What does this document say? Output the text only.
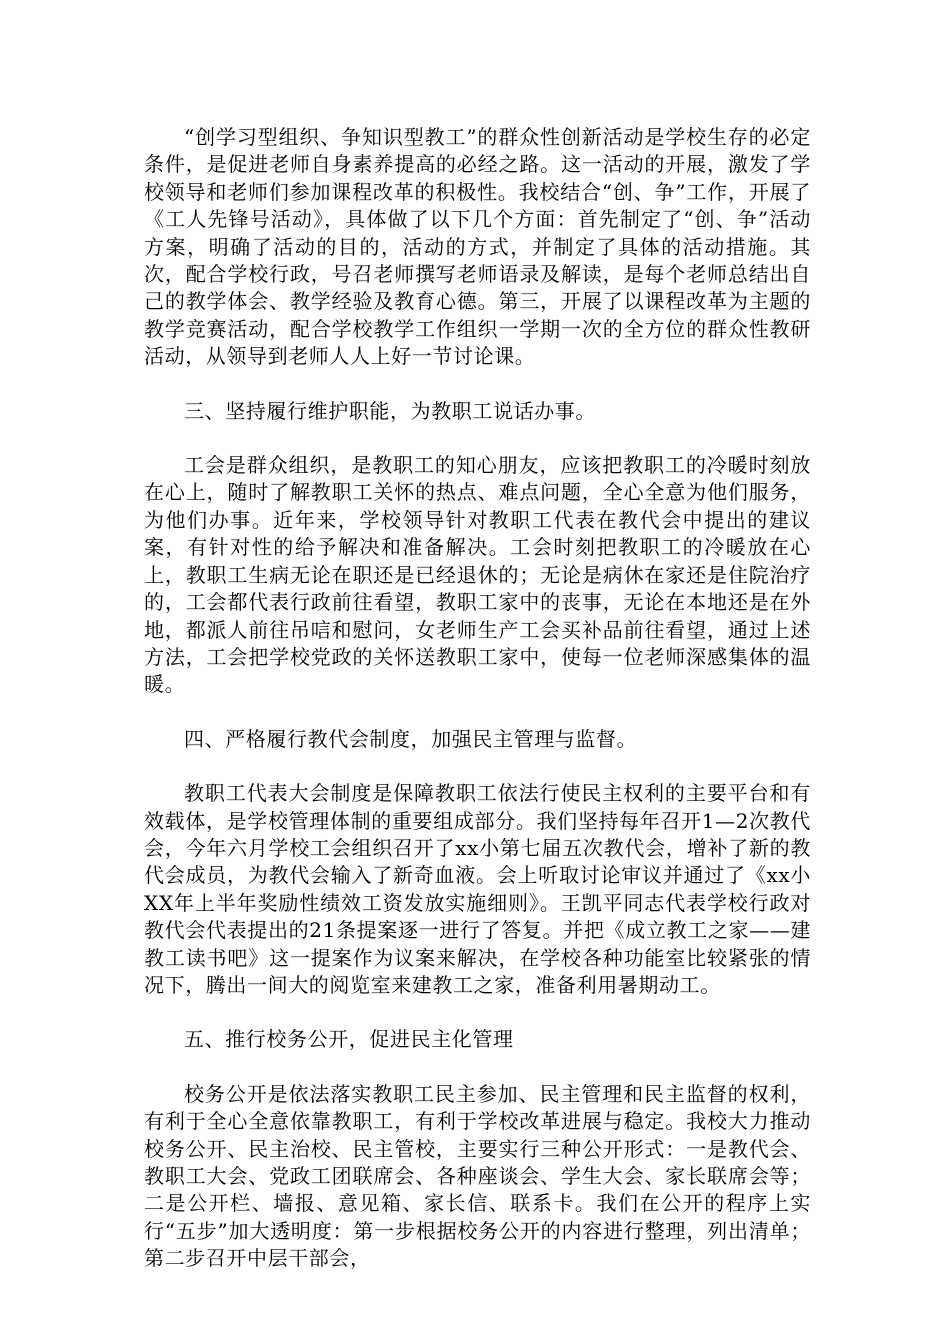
“创学习型组织、争知识型教工”的群众性创新活动是学校生存的必定条件，是促进老师自身素养提高的必经之路。这一活动的开展，激发了学校领导和老师们参加课程改革的积极性。我校结合“创、争”工作，开展了《工人先锋号活动》，具体做了以下几个方面：首先制定了“创、争”活动方案，明确了活动的目的，活动的方式，并制定了具体的活动措施。其次，配合学校行政，号召老师撰写老师语录及解读，是每个老师总结出自己的教学体会、教学经验及教育心德。第三，开展了以课程改革为主题的教学竞赛活动，配合学校教学工作组织一学期一次的全方位的群众性教研活动，从领导到老师人人上好一节讨论课。

三、坚持履行维护职能，为教职工说话办事。

工会是群众组织，是教职工的知心朋友，应该把教职工的冷暖时刻放在心上，随时了解教职工关怀的热点、难点问题，全心全意为他们服务，为他们办事。近年来，学校领导针对教职工代表在教代会中提出的建议案，有针对性的给予解决和准备解决。工会时刻把教职工的冷暖放在心上，教职工生病无论在职还是已经退休的；无论是病休在家还是住院治疗的，工会都代表行政前往看望，教职工家中的丧事，无论在本地还是在外地，都派人前往吊唁和慰问，女老师生产工会买补品前往看望，通过上述方法，工会把学校党政的关怀送教职工家中，使每一位老师深感集体的温暖。

四、严格履行教代会制度，加强民主管理与监督。

教职工代表大会制度是保障教职工依法行使民主权利的主要平台和有效载体，是学校管理体制的重要组成部分。我们坚持每年召开1—2次教代会，今年六月学校工会组织召开了xx小第七届五次教代会，增补了新的教代会成员，为教代会输入了新奇血液。会上听取讨论审议并通过了《xx小XX年上半年奖励性绩效工资发放实施细则》。王凯平同志代表学校行政对教代会代表提出的21条提案逐一进行了答复。并把《成立教工之家——建教工读书吧》这一提案作为议案来解决，在学校各种功能室比较紧张的情况下，腾出一间大的阅览室来建教工之家，准备利用暑期动工。

五、推行校务公开，促进民主化管理

校务公开是依法落实教职工民主参加、民主管理和民主监督的权利，有利于全心全意依靠教职工，有利于学校改革进展与稳定。我校大力推动校务公开、民主治校、民主管校，主要实行三种公开形式：一是教代会、教职工大会、党政工团联席会、各种座谈会、学生大会、家长联席会等；二是公开栏、墙报、意见箱、家长信、联系卡。我们在公开的程序上实行“五步”加大透明度：第一步根据校务公开的内容进行整理，列出清单；第二步召开中层干部会，
